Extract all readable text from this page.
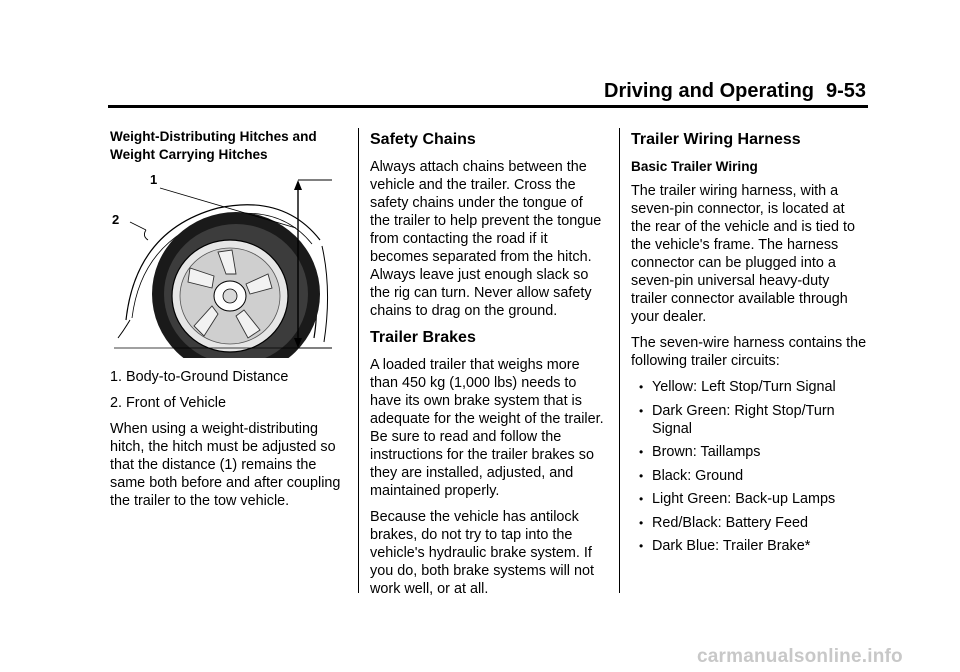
Driving and Operating 9-53
Weight-Distributing Hitches and Weight Carrying Hitches
1
2

1. Body-to-Ground Distance

2. Front of Vehicle

When using a weight-distributing hitch, the hitch must be adjusted so that the distance (1) remains the same both before and after coupling the trailer to the tow vehicle.

Safety Chains

Always attach chains between the vehicle and the trailer. Cross the safety chains under the tongue of the trailer to help prevent the tongue from contacting the road if it becomes separated from the hitch. Always leave just enough slack so the rig can turn. Never allow safety chains to drag on the ground.

Trailer Brakes

A loaded trailer that weighs more than 450 kg (1,000 lbs) needs to have its own brake system that is adequate for the weight of the trailer. Be sure to read and follow the instructions for the trailer brakes so they are installed, adjusted, and maintained properly.

Because the vehicle has antilock brakes, do not try to tap into the vehicle's hydraulic brake system. If you do, both brake systems will not work well, or at all.

Trailer Wiring Harness
Basic Trailer Wiring

The trailer wiring harness, with a seven-pin connector, is located at the rear of the vehicle and is tied to the vehicle's frame. The harness connector can be plugged into a seven-pin universal heavy-duty trailer connector available through your dealer.

The seven-wire harness contains the following trailer circuits:

• Yellow: Left Stop/Turn Signal
• Dark Green: Right Stop/Turn Signal
• Brown: Taillamps
• Black: Ground
• Light Green: Back-up Lamps
• Red/Black: Battery Feed
• Dark Blue: Trailer Brake*
carmanualsonline.info
